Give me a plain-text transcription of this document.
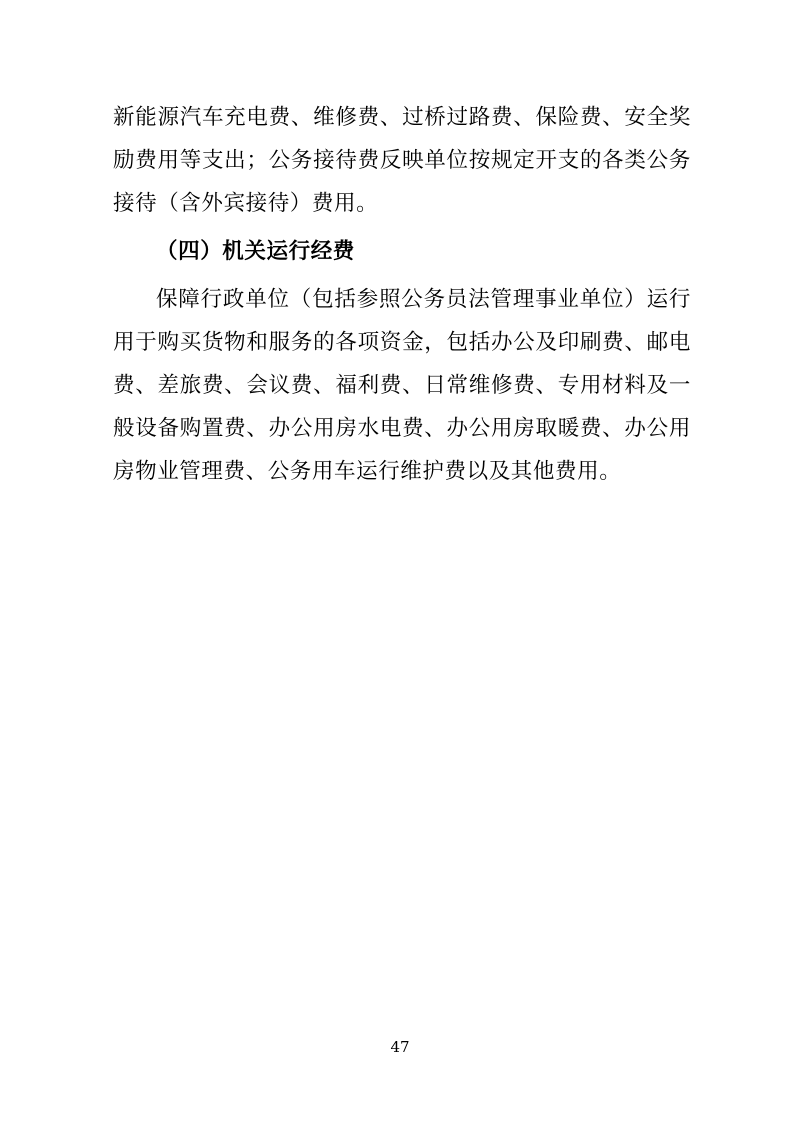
新能源汽车充电费、维修费、过桥过路费、保险费、安全奖励费用等支出；公务接待费反映单位按规定开支的各类公务接待（含外宾接待）费用。

（四）机关运行经费

保障行政单位（包括参照公务员法管理事业单位）运行用于购买货物和服务的各项资金，包括办公及印刷费、邮电费、差旅费、会议费、福利费、日常维修费、专用材料及一般设备购置费、办公用房水电费、办公用房取暖费、办公用房物业管理费、公务用车运行维护费以及其他费用。

47
